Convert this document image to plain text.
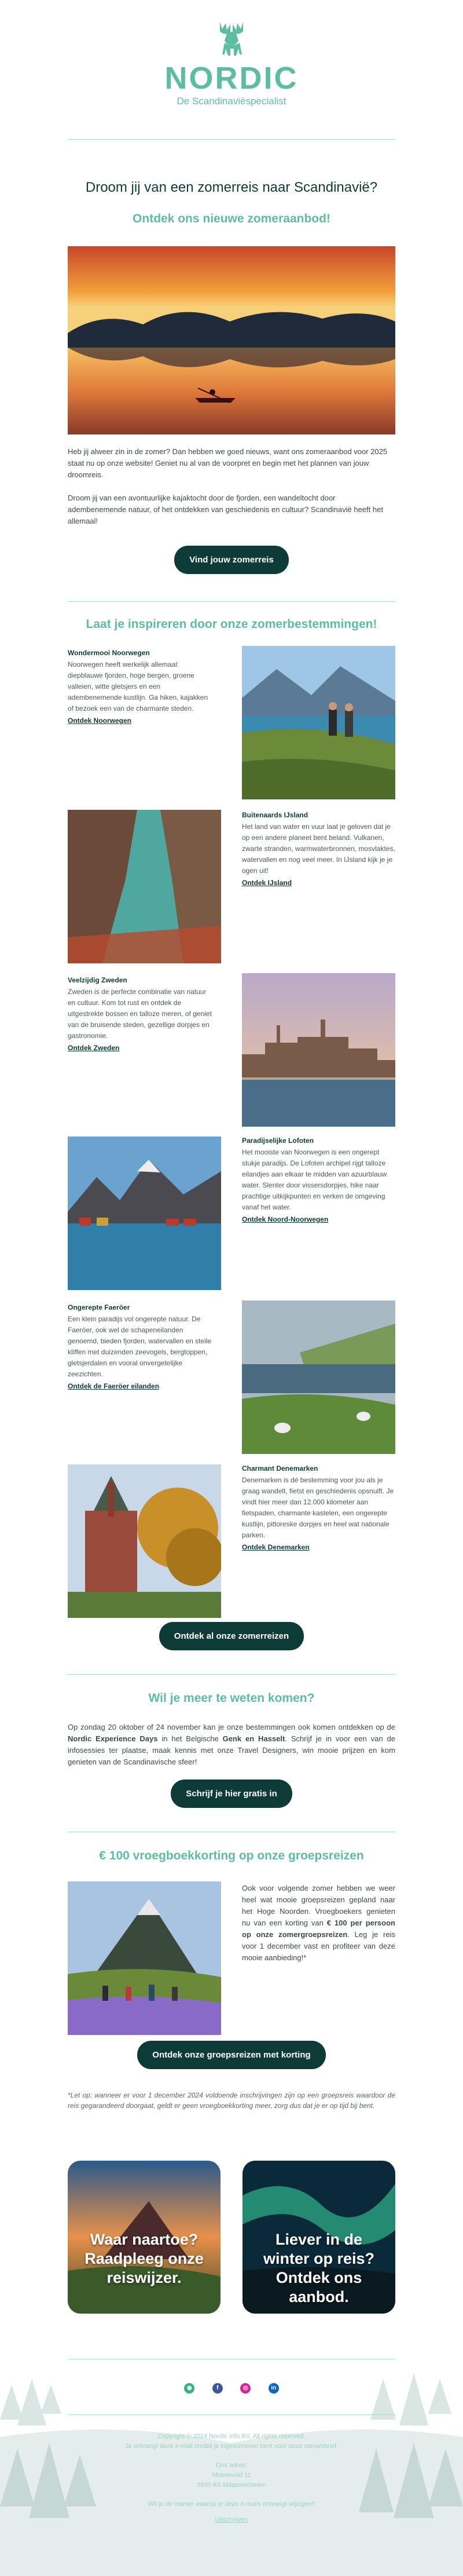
NORDIC
De Scandinaviëspecialist
Droom jij van een zomerreis naar Scandinavië?
Ontdek ons nieuwe zomeraanbod!
Heb jij alweer zin in de zomer? Dan hebben we goed nieuws, want ons zomeraanbod voor 2025 staat nu op onze website! Geniet nu al van de voorpret en begin met het plannen van jouw droomreis.
Droom jij van een avontuurlijke kajaktocht door de fjorden, een wandeltocht door adembenemende natuur, of het ontdekken van geschiedenis en cultuur? Scandinavië heeft het allemaal!
Vind jouw zomerreis
Laat je inspireren door onze zomerbestemmingen!
Wondermooi Noorwegen
Noorwegen heeft werkelijk allemaal: diepblauwe fjorden, hoge bergen, groene valleien, witte gletsjers en een adembenemende kustlijn. Ga hiken, kajakken of bezoek een van de charmante steden.
Ontdek Noorwegen
Buitenaards IJsland
Het land van water en vuur laat je geloven dat je op een andere planeet bent beland. Vulkanen, zwarte stranden, warmwaterbronnen, mosvlaktes, watervallen en nog veel meer. In IJsland kijk je je ogen uit!
Ontdek IJsland
Veelzijdig Zweden
Zweden is de perfecte combinatie van natuur en cultuur. Kom tot rust en ontdek de uitgestrekte bossen en talloze meren, of geniet van de bruisende steden, gezellige dorpjes en gastronomie.
Ontdek Zweden
Paradijselijke Lofoten
Het mooiste van Noorwegen is een ongerept stukje paradijs. De Lofoten archipel rijgt talloze eilandjes aan elkaar te midden van azuurblauw water. Slenter door vissersdorpjes, hike naar prachtige uitkijkpunten en verken de omgeving vanaf het water.
Ontdek Noord-Noorwegen
Ongerepte Faeröer
Een klein paradijs vol ongerepte natuur. De Faeröer, ook wel de schapeneilanden genoemd, bieden fjorden, watervallen en steile kliffen met duizenden zeevogels, bergtoppen, gletsjerdalen en vooral onvergetelijke zeezichten.
Ontdek de Faeröer eilanden
Charmant Denemarken
Denemarken is dé bestemming voor jou als je graag wandelt, fietst en geschiedenis opsnuift. Je vindt hier meer dan 12.000 kilometer aan fietspaden, charmante kastelen, een ongerepte kustlijn, pittoreske dorpjes en heel wat nationale parken.
Ontdek Denemarken
Ontdek al onze zomerreizen
Wil je meer te weten komen?
Op zondag 20 oktober of 24 november kan je onze bestemmingen ook komen ontdekken op de Nordic Experience Days in het Belgische Genk en Hasselt. Schrijf je in voor een van de infosessies ter plaatse, maak kennis met onze Travel Designers, win mooie prijzen en kom genieten van de Scandinavische sfeer!
Schrijf je hier gratis in
€ 100 vroegboekkorting op onze groepsreizen
Ook voor volgende zomer hebben we weer heel wat mooie groepsreizen gepland naar het Hoge Noorden. Vroegboekers genieten nu van een korting van € 100 per persoon op onze zomergroepsreizen. Leg je reis voor 1 december vast en profiteer van deze mooie aanbieding!*
Ontdek onze groepsreizen met korting
*Let op: wanneer er voor 1 december 2024 voldoende inschrijvingen zijn op een groepsreis waardoor de reis gegarandeerd doorgaat, geldt er geen vroegboekkorting meer, zorg dus dat je er op tijd bij bent.
Waar naartoe? Raadpleeg onze reiswijzer.
Liever in de winter op reis? Ontdek ons aanbod.
◉	f	◎	in
Copyright © 2024 Nordic Info BV, All rights reserved.
Je ontvangt deze e-mail omdat je ingeschreven bent voor onze nieuwsbrief.
Ons adres:
Mosseveld 11
3630 AX Maasmechelen
Wil je de manier waarop je deze e-mails ontvangt wijzigen?
Uitschrijven
